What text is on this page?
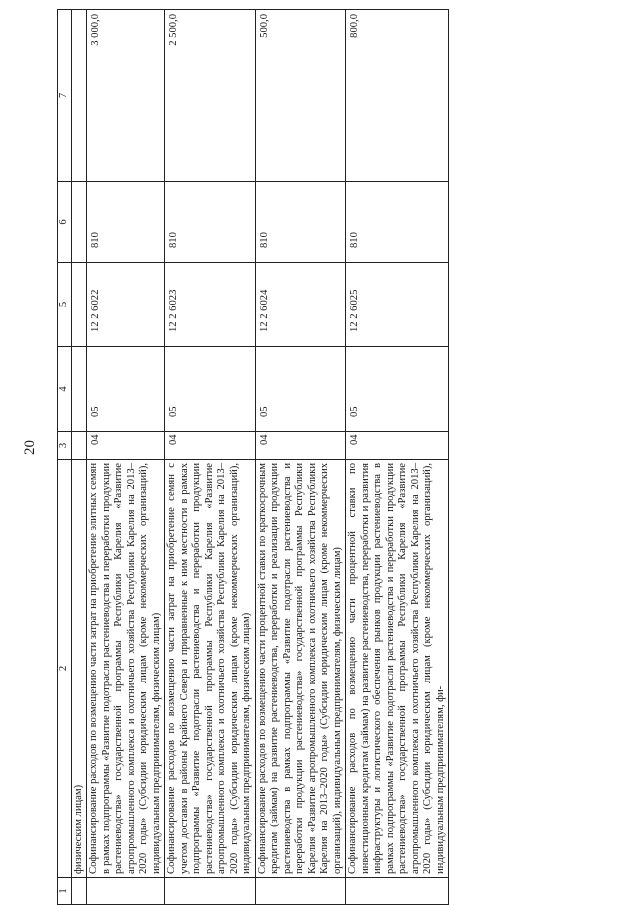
20
1	2	3	4	5	6	7
	физическим лицам)					
	Софинансирование расходов по возмещению части затрат на приобретение элитных семян в рамках подпрограммы «Развитие подотрасли растениеводства и переработки продукции растениеводства» государственной программы Республики Карелия «Развитие агропромышленного комплекса и охотничьего хозяйства Республики Карелия на 2013–2020 годы» (Субсидии юридическим лицам (кроме некоммерческих организаций), индивидуальным предпринимателям, физическим лицам)	04	05	12 2 6022	810	3 000,0
	Софинансирование расходов по возмещению части затрат на приобретение семян с учетом доставки в районы Крайнего Севера и приравненные к ним местности в рамках подпрограммы «Развитие подотрасли растениеводства и переработки продукции растениеводства» государственной программы Республики Карелия «Развитие агропромышленного комплекса и охотничьего хозяйства Республики Карелия на 2013–2020 годы» (Субсидии юридическим лицам (кроме некоммерческих организаций), индивидуальным предпринимателям, физическим лицам)	04	05	12 2 6023	810	2 500,0
	Софинансирование расходов по возмещению части процентной ставки по краткосрочным кредитам (займам) на развитие растениеводства, переработки и реализации продукции растениеводства в рамках подпрограммы «Развитие подотрасли растениеводства и переработки продукции растениеводства» государственной программы Республики Карелия «Развитие агропромышленного комплекса и охотничьего хозяйства Республики Карелия на 2013–2020 годы» (Субсидии юридическим лицам (кроме некоммерческих организаций), индивидуальным предпринимателям, физическим лицам)	04	05	12 2 6024	810	500,0
	Софинансирование расходов по возмещению части процентной ставки по инвестиционным кредитам (займам) на развитие растениеводства, переработки и развития инфраструктуры и логистического обеспечения рынков продукции растениеводства в рамках подпрограммы «Развитие подотрасли растениеводства и переработки продукции растениеводства» государственной программы Республики Карелия «Развитие агропромышленного комплекса и охотничьего хозяйства Республики Карелия на 2013–2020 годы» (Субсидии юридическим лицам (кроме некоммерческих организаций), индивидуальным предпринимателям, фи-	04	05	12 2 6025	810	800,0
